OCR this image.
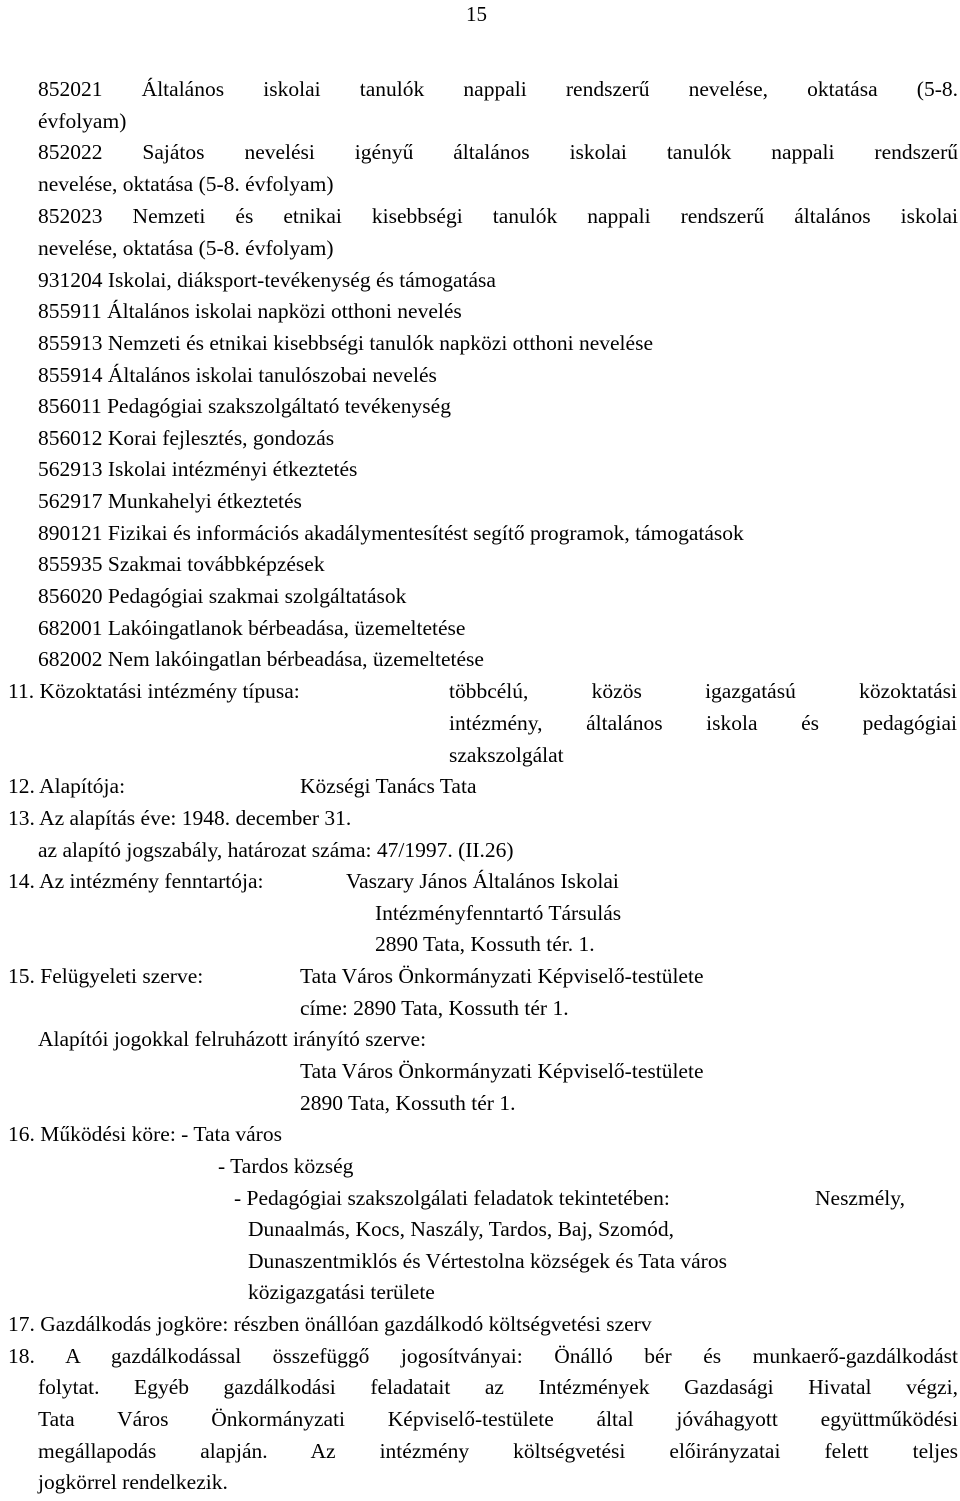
15
852021 Általános iskolai tanulók nappali rendszerű nevelése, oktatása (5-8.
évfolyam)
852022 Sajátos nevelési igényű általános iskolai tanulók nappali rendszerű
nevelése, oktatása (5-8. évfolyam)
852023 Nemzeti és etnikai kisebbségi tanulók nappali rendszerű általános iskolai
nevelése, oktatása (5-8. évfolyam)
931204 Iskolai, diáksport-tevékenység és támogatása
855911 Általános iskolai napközi otthoni nevelés
855913 Nemzeti és etnikai kisebbségi tanulók napközi otthoni nevelése
855914 Általános iskolai tanulószobai nevelés
856011 Pedagógiai szakszolgáltató tevékenység
856012 Korai fejlesztés, gondozás
562913 Iskolai intézményi étkeztetés
562917 Munkahelyi étkeztetés
890121 Fizikai és információs akadálymentesítést segítő programok, támogatások
855935 Szakmai továbbképzések
856020 Pedagógiai szakmai szolgáltatások
682001 Lakóingatlanok bérbeadása, üzemeltetése
682002 Nem lakóingatlan bérbeadása, üzemeltetése
11. Közoktatási intézmény típusa:	többcélú, közös igazgatású közoktatási
intézmény, általános iskola és pedagógiai
szakszolgálat
12. Alapítója:	Községi Tanács Tata
13. Az alapítás éve: 1948. december 31.
az alapító jogszabály, határozat száma: 47/1997. (II.26)
14. Az intézmény fenntartója:	Vaszary János Általános Iskolai
Intézményfenntartó Társulás
2890 Tata, Kossuth tér. 1.
15. Felügyeleti szerve:	Tata Város Önkormányzati Képviselő-testülete
címe: 2890 Tata, Kossuth tér 1.
Alapítói jogokkal felruházott irányító szerve:
Tata Város Önkormányzati Képviselő-testülete
2890 Tata, Kossuth tér 1.
16. Működési köre: - Tata város
- Tardos község
- Pedagógiai szakszolgálati feladatok tekintetében:	Neszmély,
Dunaalmás, Kocs, Naszály, Tardos, Baj, Szomód,
Dunaszentmiklós és Vértestolna községek és Tata város
közigazgatási területe
17. Gazdálkodás jogköre: részben önállóan gazdálkodó költségvetési szerv
18. A gazdálkodással összefüggő jogosítványai: Önálló bér és munkaerő-gazdálkodást
folytat. Egyéb gazdálkodási feladatait az Intézmények Gazdasági Hivatal végzi,
Tata Város Önkormányzati Képviselő-testülete által jóváhagyott együttműködési
megállapodás alapján. Az intézmény költségvetési előirányzatai felett teljes
jogkörrel rendelkezik.
